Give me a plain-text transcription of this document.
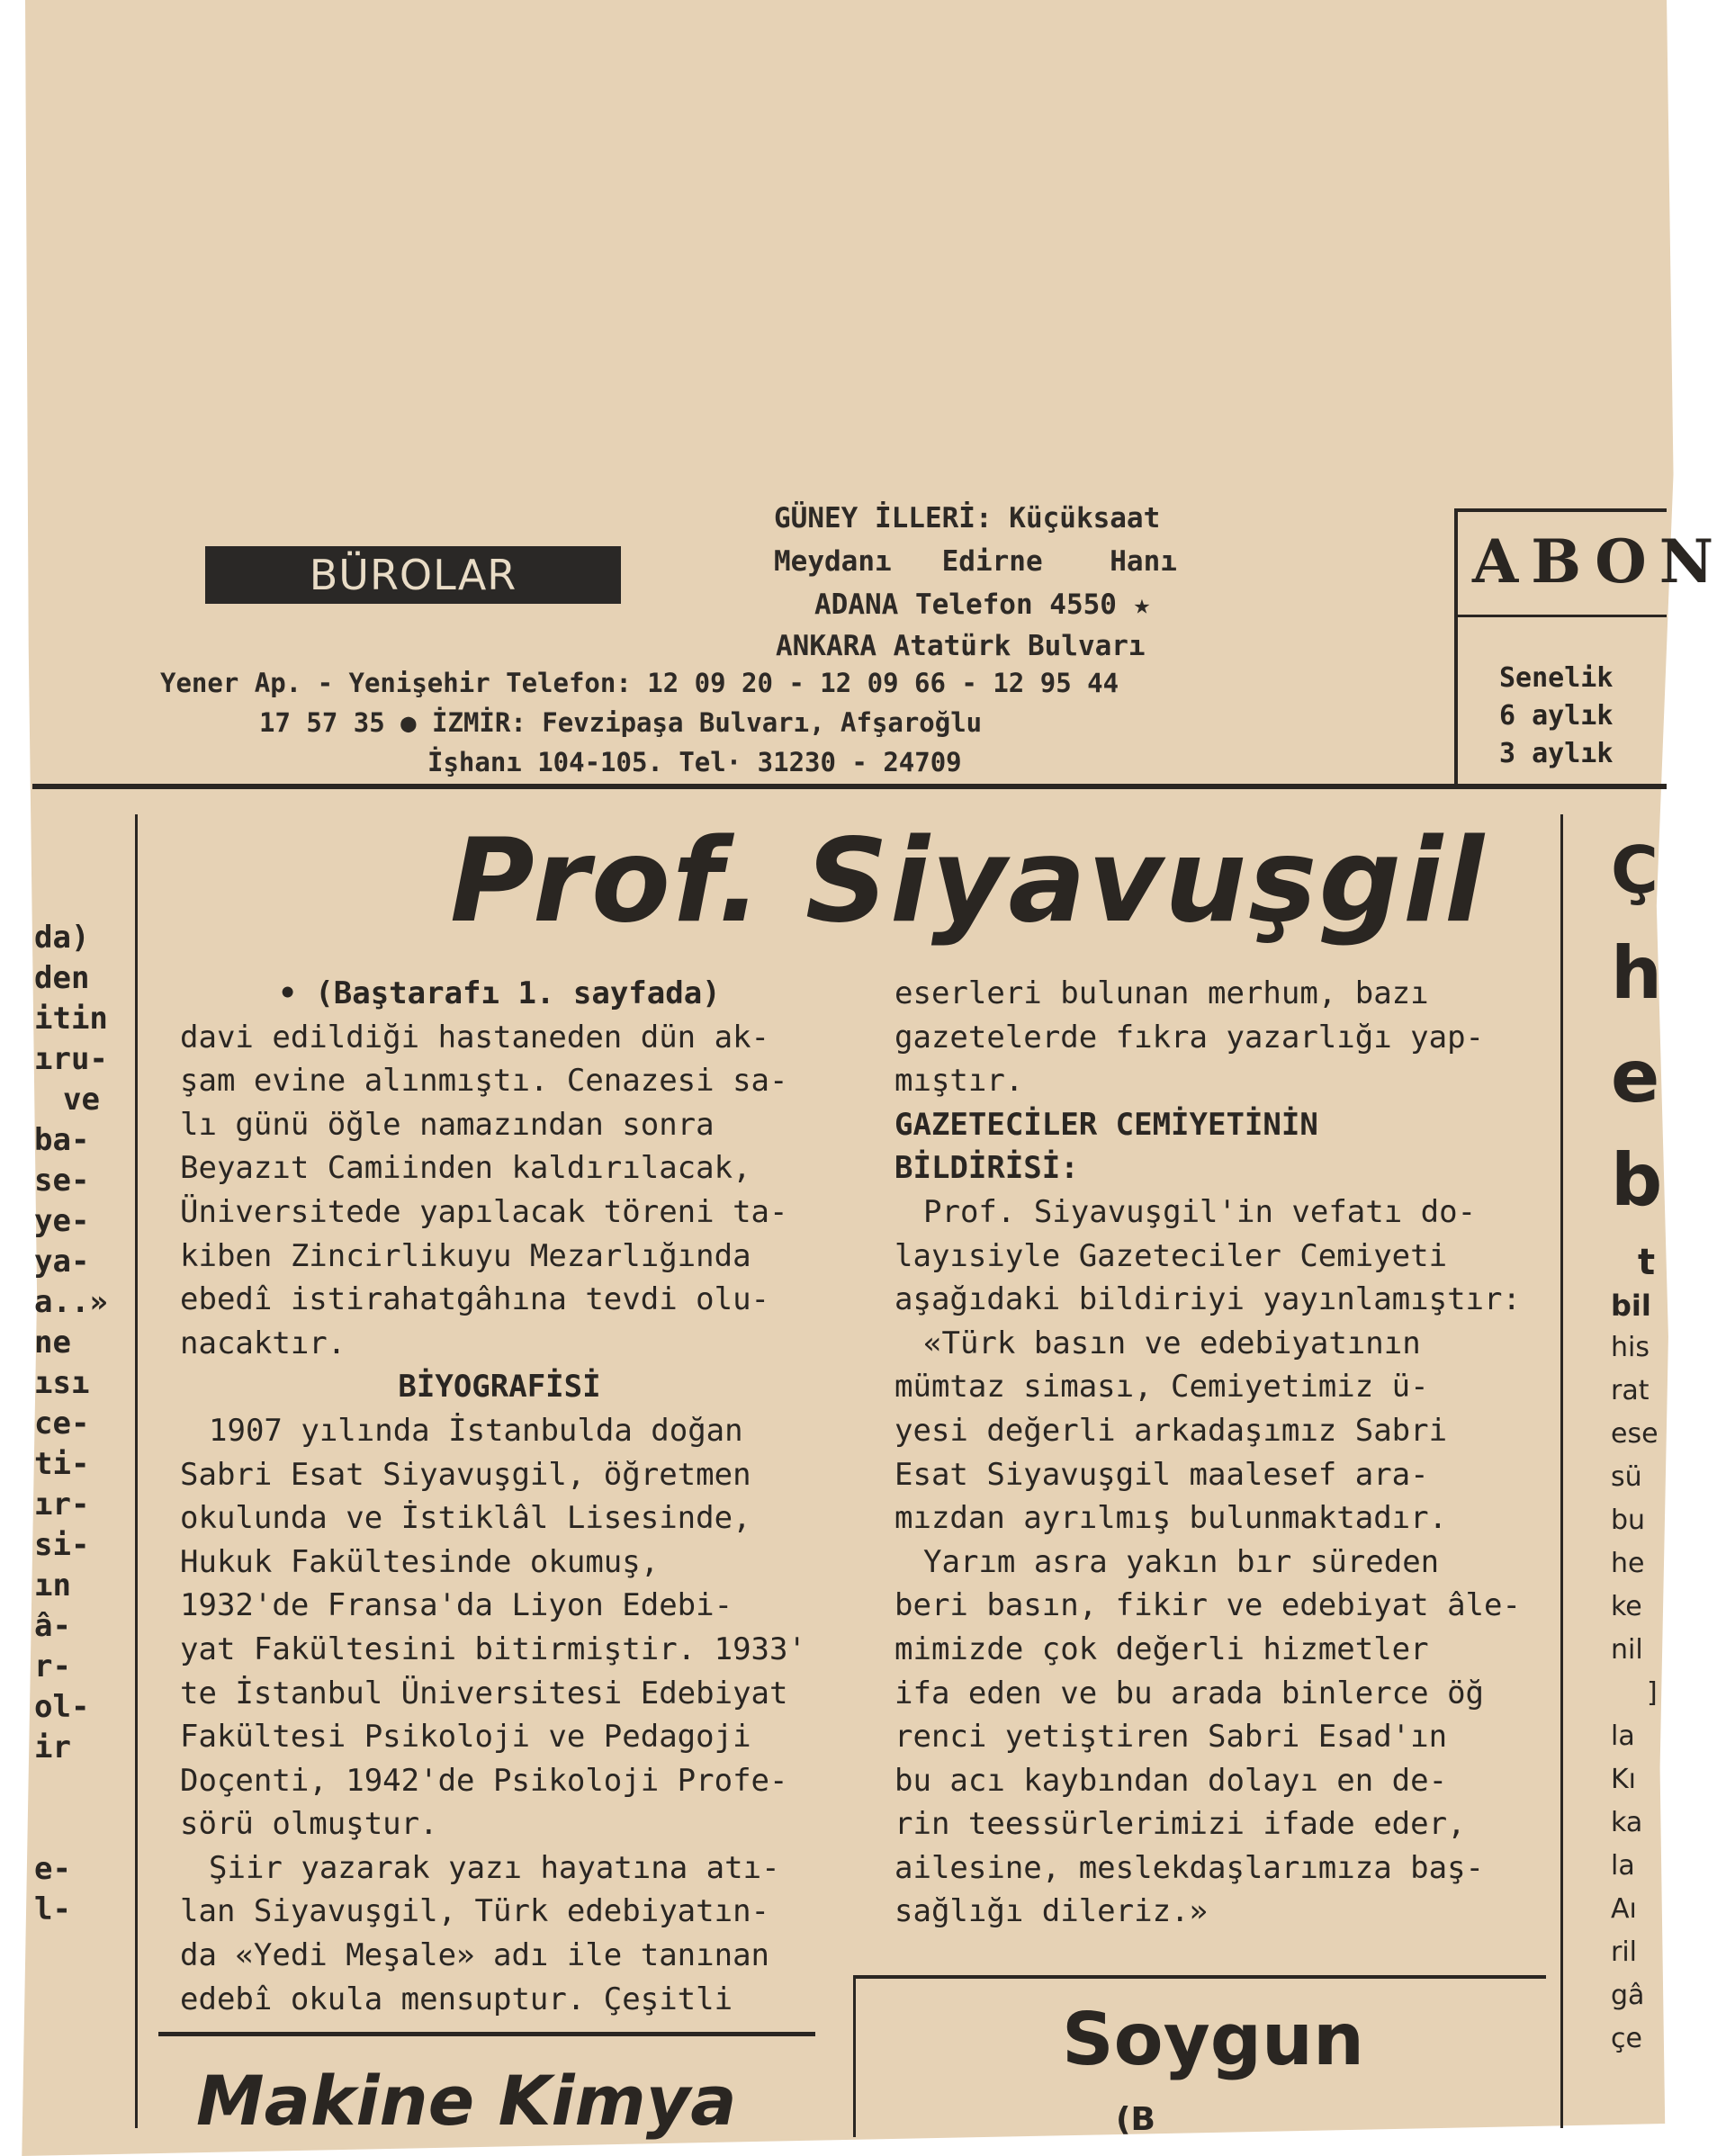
BÜROLAR
GÜNEY İLLERİ: Küçüksaat
Meydanı   Edirne    Hanı
ADANA Telefon 4550 ★
ANKARA Atatürk Bulvarı
Yener Ap. - Yenişehir Telefon: 12 09 20 - 12 09 66 - 12 95 44
17 57 35 ● İZMİR: Fevzipaşa Bulvarı, Afşaroğlu
İşhanı 104-105. Tel· 31230 - 24709
ABON
Senelik
6 aylık
3 aylık
Prof. Siyavuşgil
• (Baştarafı 1. sayfada)
davi edildiği hastaneden dün ak-
şam evine alınmıştı. Cenazesi sa-
lı günü öğle namazından sonra
Beyazıt Camiinden kaldırılacak,
Üniversitede yapılacak töreni ta-
kiben Zincirlikuyu Mezarlığında
ebedî istirahatgâhına tevdi olu-
nacaktır.
BİYOGRAFİSİ
1907 yılında İstanbulda doğan
Sabri Esat Siyavuşgil, öğretmen
okulunda ve İstiklâl Lisesinde,
Hukuk Fakültesinde okumuş,
1932'de Fransa'da Liyon Edebi-
yat Fakültesini bitirmiştir. 1933'
te İstanbul Üniversitesi Edebiyat
Fakültesi Psikoloji ve Pedagoji
Doçenti, 1942'de Psikoloji Profe-
sörü olmuştur.
Şiir yazarak yazı hayatına atı-
lan Siyavuşgil, Türk edebiyatın-
da «Yedi Meşale» adı ile tanınan
edebî okula mensuptur. Çeşitli
eserleri bulunan merhum, bazı
gazetelerde fıkra yazarlığı yap-
mıştır.
GAZETECİLER CEMİYETİNİN
BİLDİRİSİ:
Prof. Siyavuşgil'in vefatı do-
layısiyle Gazeteciler Cemiyeti
aşağıdaki bildiriyi yayınlamıştır:
«Türk basın ve edebiyatının
mümtaz siması, Cemiyetimiz ü-
yesi değerli arkadaşımız Sabri
Esat Siyavuşgil maalesef ara-
mızdan ayrılmış bulunmaktadır.
Yarım asra yakın bır süreden
beri basın, fikir ve edebiyat âle-
mimizde çok değerli hizmetler
ifa eden ve bu arada binlerce öğ
renci yetiştiren Sabri Esad'ın
bu acı kaybından dolayı en de-
rin teessürlerimizi ifade eder,
ailesine, meslekdaşlarımıza baş-
sağlığı dileriz.»
da)
den
itin
ıru-
ve
ba-
se-
ye-
ya-
a..»
ne
ısı
ce-
ti-
ır-
si-
ın
â-
r-
ol-
ir
e-
l-
Ç
h
e
b
t
bil
his
rat
ese
sü
bu
he
ke
nil
]
la
Kı
ka
la
Aı
ril
gâ
çe
Makine Kimya
Soygun
(B
